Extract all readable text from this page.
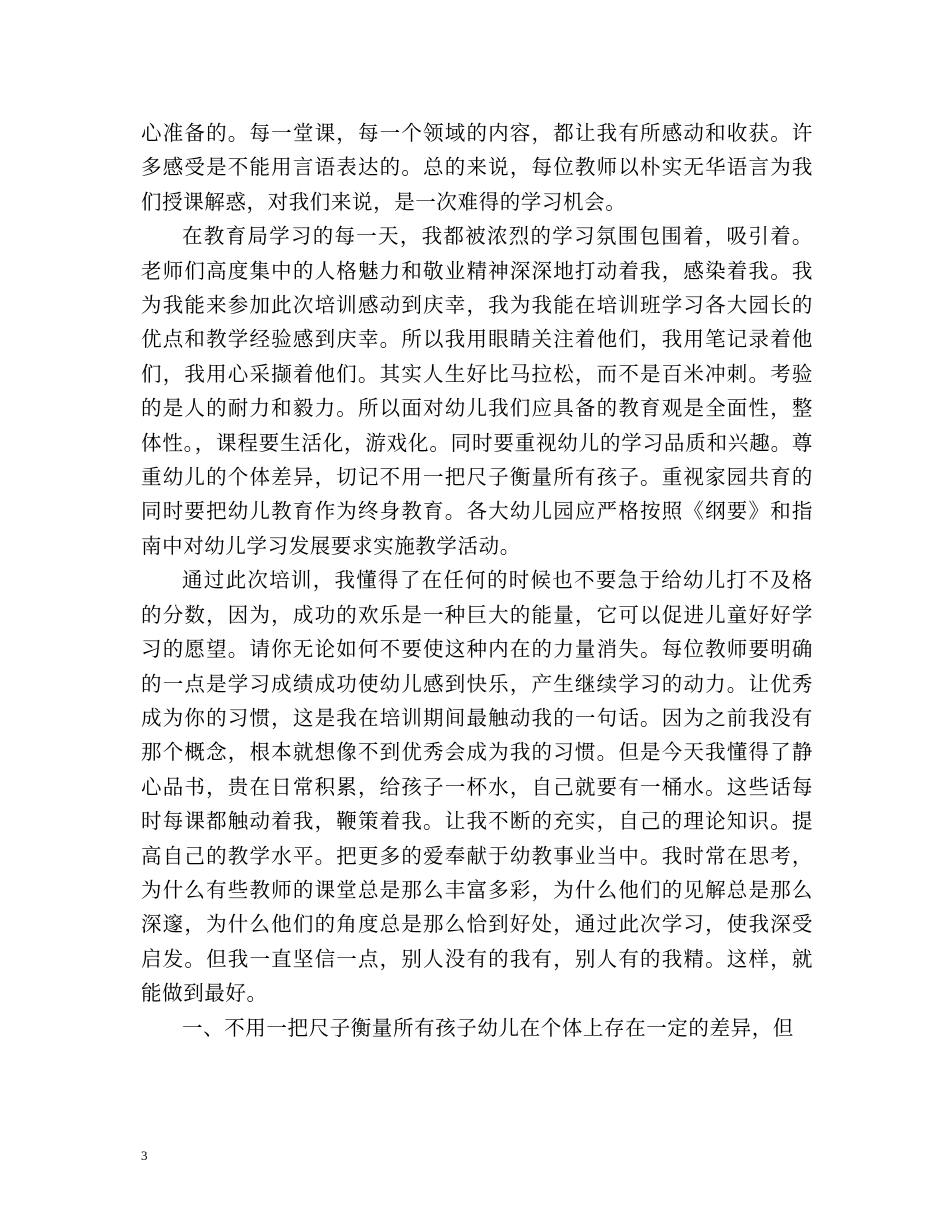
心准备的。每一堂课，每一个领域的内容，都让我有所感动和收获。许多感受是不能用言语表达的。总的来说，每位教师以朴实无华语言为我们授课解惑，对我们来说，是一次难得的学习机会。

在教育局学习的每一天，我都被浓烈的学习氛围包围着，吸引着。老师们高度集中的人格魅力和敬业精神深深地打动着我，感染着我。我为我能来参加此次培训感动到庆幸，我为我能在培训班学习各大园长的优点和教学经验感到庆幸。所以我用眼睛关注着他们，我用笔记录着他们，我用心采撷着他们。其实人生好比马拉松，而不是百米冲刺。考验的是人的耐力和毅力。所以面对幼儿我们应具备的教育观是全面性，整体性。，课程要生活化，游戏化。同时要重视幼儿的学习品质和兴趣。尊重幼儿的个体差异，切记不用一把尺子衡量所有孩子。重视家园共育的同时要把幼儿教育作为终身教育。各大幼儿园应严格按照《纲要》和指南中对幼儿学习发展要求实施教学活动。

通过此次培训，我懂得了在任何的时候也不要急于给幼儿打不及格的分数，因为，成功的欢乐是一种巨大的能量，它可以促进儿童好好学习的愿望。请你无论如何不要使这种内在的力量消失。每位教师要明确的一点是学习成绩成功使幼儿感到快乐，产生继续学习的动力。让优秀成为你的习惯，这是我在培训期间最触动我的一句话。因为之前我没有那个概念，根本就想像不到优秀会成为我的习惯。但是今天我懂得了静心品书，贵在日常积累，给孩子一杯水，自己就要有一桶水。这些话每时每课都触动着我，鞭策着我。让我不断的充实，自己的理论知识。提高自己的教学水平。把更多的爱奉献于幼教事业当中。我时常在思考，为什么有些教师的课堂总是那么丰富多彩，为什么他们的见解总是那么深邃，为什么他们的角度总是那么恰到好处，通过此次学习，使我深受启发。但我一直坚信一点，别人没有的我有，别人有的我精。这样，就能做到最好。

一、不用一把尺子衡量所有孩子幼儿在个体上存在一定的差异，但

3
